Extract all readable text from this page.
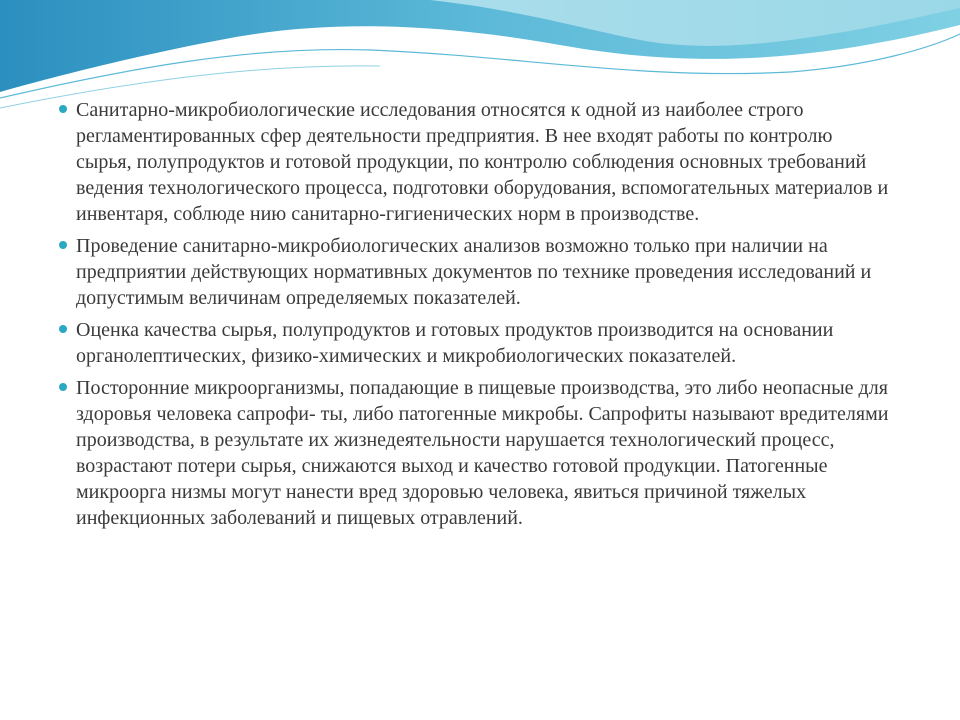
Санитарно-микробиологические исследования относятся к одной из наиболее строго регламентированных сфер деятельности предприятия. В нее входят работы по контролю сырья, полупродуктов и готовой продукции, по контролю соблюдения основных требований ведения технологического процесса, подготовки оборудования, вспомогательных материалов и инвентаря, соблюде нию санитарно-гигиенических норм в производстве.
Проведение санитарно-микробиологических анализов возможно только при наличии на предприятии действующих нормативных документов по технике проведения исследований и допустимым величинам определяемых показателей.
Оценка качества сырья, полупродуктов и готовых продуктов производится на основании органолептических, физико-химических и микробиологических показателей.
Посторонние микроорганизмы, попадающие в пищевые производства, это либо неопасные для здоровья человека сапрофи- ты, либо патогенные микробы. Сапрофиты называют вредителями производства, в результате их жизнедеятельности нарушается технологический процесс, возрастают потери сырья, снижаются выход и качество готовой продукции. Патогенные микроорга низмы могут нанести вред здоровью человека, явиться причиной тяжелых инфекционных заболеваний и пищевых отравлений.
